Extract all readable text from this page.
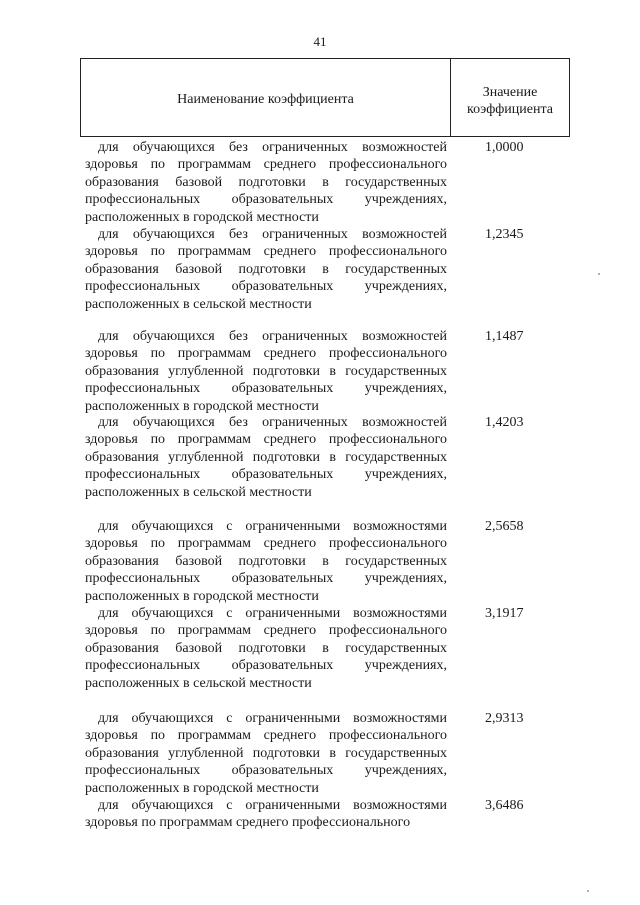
41
Наименование коэффициента	Значение
коэффициента
для обучающихся без ограниченных возможностей здоровья по программам среднего профессионального образования базовой подготовки в государственных профессиональных образовательных учреждениях, расположенных в городской местности
1,0000
для обучающихся без ограниченных возможностей здоровья по программам среднего профессионального образования базовой подготовки в государственных профессиональных образовательных учреждениях, расположенных в сельской местности
1,2345
для обучающихся без ограниченных возможностей здоровья по программам среднего профессионального образования углубленной подготовки в государственных профессиональных образовательных учреждениях, расположенных в городской местности
1,1487
для обучающихся без ограниченных возможностей здоровья по программам среднего профессионального образования углубленной подготовки в государственных профессиональных образовательных учреждениях, расположенных в сельской местности
1,4203
для обучающихся с ограниченными возможностями здоровья по программам среднего профессионального образования базовой подготовки в государственных профессиональных образовательных учреждениях, расположенных в городской местности
2,5658
для обучающихся с ограниченными возможностями здоровья по программам среднего профессионального образования базовой подготовки в государственных профессиональных образовательных учреждениях, расположенных в сельской местности
3,1917
для обучающихся с ограниченными возможностями здоровья по программам среднего профессионального образования углубленной подготовки в государственных профессиональных образовательных учреждениях, расположенных в городской местности
2,9313
для обучающихся с ограниченными возможностями здоровья по программам среднего профессионального
3,6486
